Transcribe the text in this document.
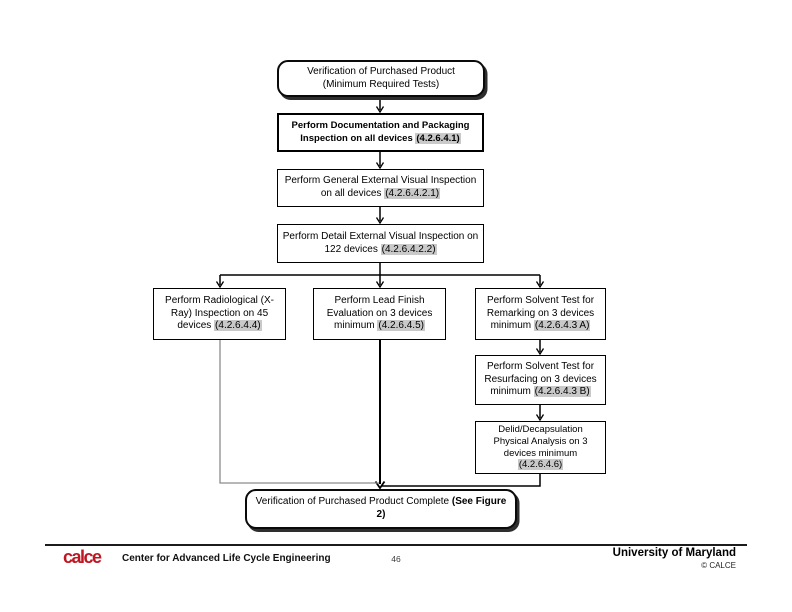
Verification of Purchased Product
(Minimum Required Tests)
Perform Documentation and Packaging Inspection on all devices (4.2.6.4.1)
Perform General External Visual Inspection on all devices (4.2.6.4.2.1)
Perform Detail External Visual Inspection on 122 devices (4.2.6.4.2.2)
Perform Radiological (X-Ray) Inspection on 45 devices (4.2.6.4.4)
Perform Lead Finish Evaluation on 3 devices minimum (4.2.6.4.5)
Perform Solvent Test for Remarking on 3 devices minimum (4.2.6.4.3 A)
Perform Solvent Test for Resurfacing on 3 devices minimum (4.2.6.4.3 B)
Delid/Decapsulation Physical Analysis on 3 devices minimum (4.2.6.4.6)
Verification of Purchased Product Complete (See Figure 2)
calce Center for Advanced Life Cycle Engineering	46	University of Maryland
© CALCE
